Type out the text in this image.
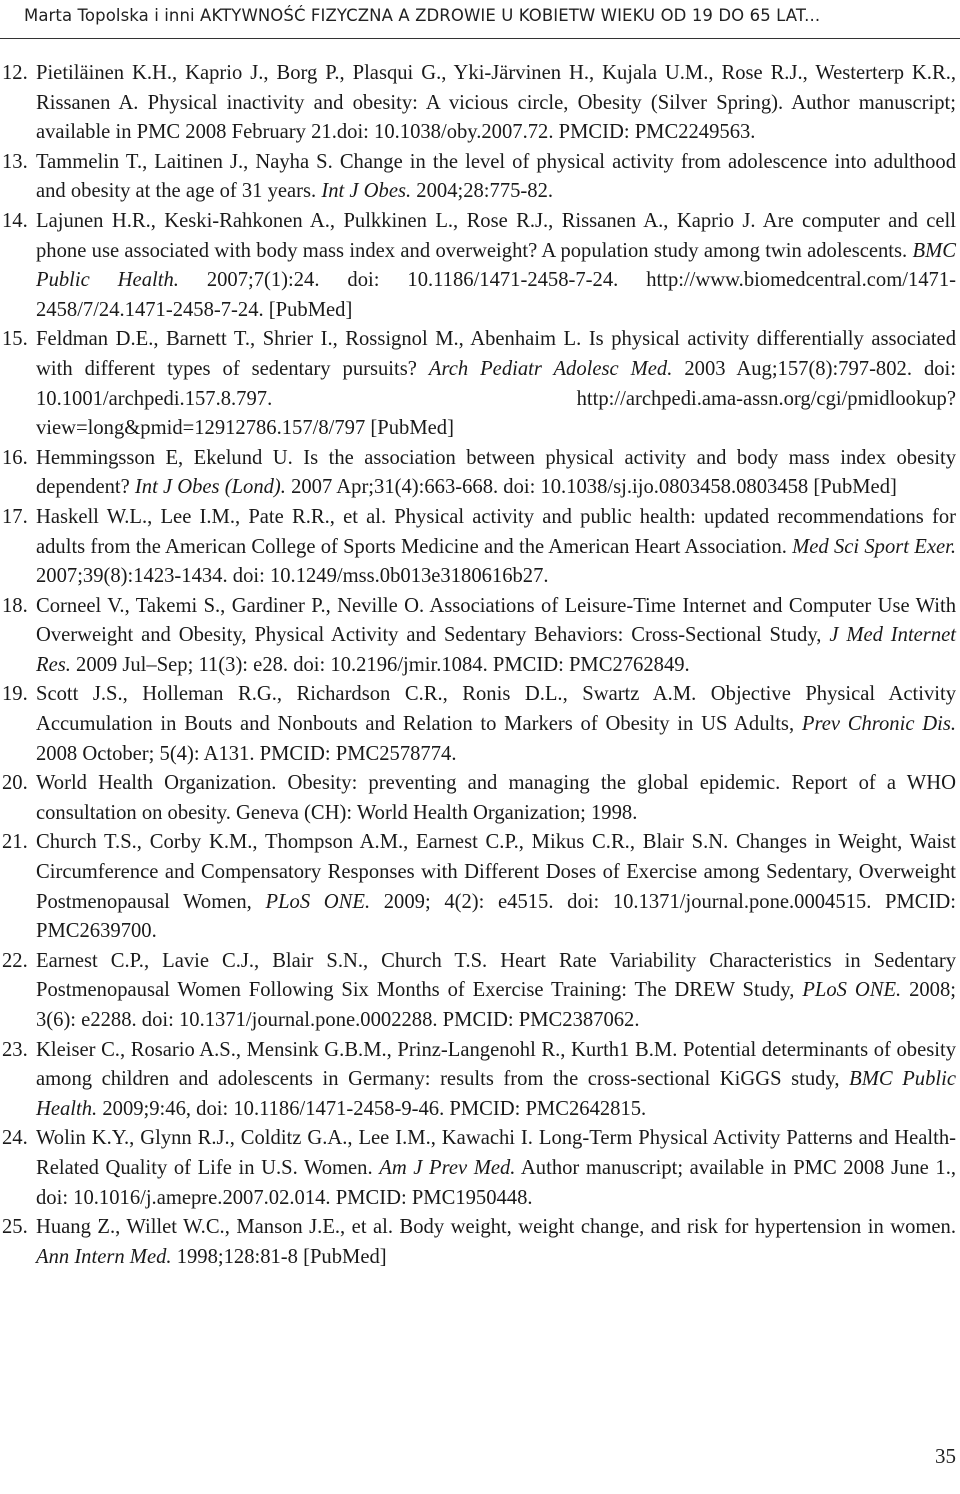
Marta Topolska i inni AKTYWNOŚĆ FIZYCZNA A ZDROWIE U KOBIETW WIEKU OD 19 DO 65 LAT...
12. Pietiläinen K.H., Kaprio J., Borg P., Plasqui G., Yki-Järvinen H., Kujala U.M., Rose R.J., Westerterp K.R., Rissanen A. Physical inactivity and obesity: A vicious circle, Obesity (Silver Spring). Author manuscript; available in PMC 2008 February 21.doi: 10.1038/oby.2007.72. PMCID: PMC2249563.
13. Tammelin T., Laitinen J., Nayha S. Change in the level of physical activity from adolescence into adulthood and obesity at the age of 31 years. Int J Obes. 2004;28:775-82.
14. Lajunen H.R., Keski-Rahkonen A., Pulkkinen L., Rose R.J., Rissanen A., Kaprio J. Are computer and cell phone use associated with body mass index and overweight? A population study among twin adolescents. BMC Public Health. 2007;7(1):24. doi: 10.1186/1471-2458-7-24. http://www.biomedcentral.com/1471-2458/7/24.1471-2458-7-24. [PubMed]
15. Feldman D.E., Barnett T., Shrier I., Rossignol M., Abenhaim L. Is physical activity differentially associated with different types of sedentary pursuits? Arch Pediatr Adolesc Med. 2003 Aug;157(8):797-802. doi: 10.1001/archpedi.157.8.797. http://archpedi.ama-assn.org/cgi/pmidlookup?view=long&pmid=12912786.157/8/797 [PubMed]
16. Hemmingsson E, Ekelund U. Is the association between physical activity and body mass index obesity dependent? Int J Obes (Lond). 2007 Apr;31(4):663-668. doi: 10.1038/sj.ijo.0803458.0803458 [PubMed]
17. Haskell W.L., Lee I.M., Pate R.R., et al. Physical activity and public health: updated recommendations for adults from the American College of Sports Medicine and the American Heart Association. Med Sci Sport Exer. 2007;39(8):1423-1434. doi: 10.1249/mss.0b013e3180616b27.
18. Corneel V., Takemi S., Gardiner P., Neville O. Associations of Leisure-Time Internet and Computer Use With Overweight and Obesity, Physical Activity and Sedentary Behaviors: Cross-Sectional Study, J Med Internet Res. 2009 Jul–Sep; 11(3): e28. doi: 10.2196/jmir.1084. PMCID: PMC2762849.
19. Scott J.S., Holleman R.G., Richardson C.R., Ronis D.L., Swartz A.M. Objective Physical Activity Accumulation in Bouts and Nonbouts and Relation to Markers of Obesity in US Adults, Prev Chronic Dis. 2008 October; 5(4): A131. PMCID: PMC2578774.
20. World Health Organization. Obesity: preventing and managing the global epidemic. Report of a WHO consultation on obesity. Geneva (CH): World Health Organization; 1998.
21. Church T.S., Corby K.M., Thompson A.M., Earnest C.P., Mikus C.R., Blair S.N. Changes in Weight, Waist Circumference and Compensatory Responses with Different Doses of Exercise among Sedentary, Overweight Postmenopausal Women, PLoS ONE. 2009; 4(2): e4515. doi: 10.1371/journal.pone.0004515. PMCID: PMC2639700.
22. Earnest C.P., Lavie C.J., Blair S.N., Church T.S. Heart Rate Variability Characteristics in Sedentary Postmenopausal Women Following Six Months of Exercise Training: The DREW Study, PLoS ONE. 2008; 3(6): e2288. doi: 10.1371/journal.pone.0002288. PMCID: PMC2387062.
23. Kleiser C., Rosario A.S., Mensink G.B.M., Prinz-Langenohl R., Kurth1 B.M. Potential determinants of obesity among children and adolescents in Germany: results from the cross-sectional KiGGS study, BMC Public Health. 2009;9:46, doi: 10.1186/1471-2458-9-46. PMCID: PMC2642815.
24. Wolin K.Y., Glynn R.J., Colditz G.A., Lee I.M., Kawachi I. Long-Term Physical Activity Patterns and Health-Related Quality of Life in U.S. Women. Am J Prev Med. Author manuscript; available in PMC 2008 June 1., doi: 10.1016/j.amepre.2007.02.014. PMCID: PMC1950448.
25. Huang Z., Willet W.C., Manson J.E., et al. Body weight, weight change, and risk for hypertension in women. Ann Intern Med. 1998;128:81-8 [PubMed]
35
